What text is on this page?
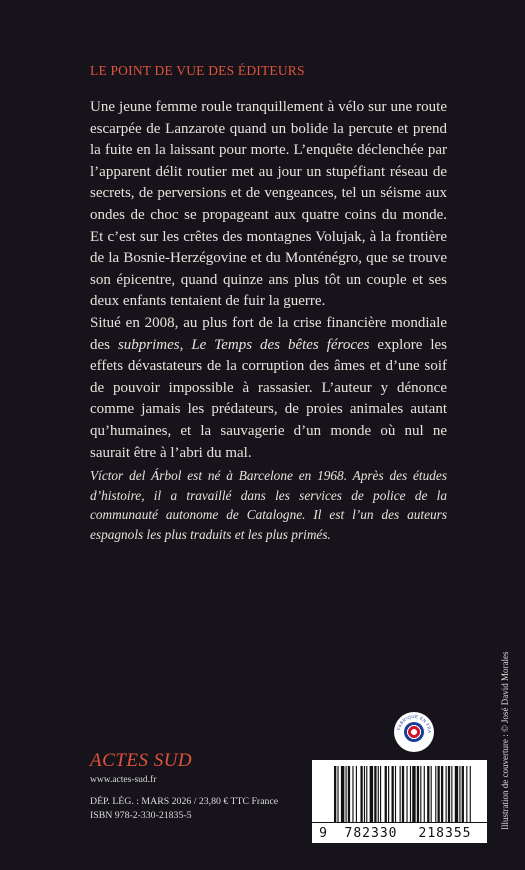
LE POINT DE VUE DES ÉDITEURS

Une jeune femme roule tranquillement à vélo sur une route escarpée de Lanzarote quand un bolide la percute et prend la fuite en la laissant pour morte. L’enquête déclenchée par l’apparent délit routier met au jour un stupéfiant réseau de secrets, de perversions et de vengeances, tel un séisme aux ondes de choc se propageant aux quatre coins du monde. Et c’est sur les crêtes des montagnes Volujak, à la frontière de la Bosnie-Herzégovine et du Monténégro, que se trouve son épicentre, quand quinze ans plus tôt un couple et ses deux enfants tentaient de fuir la guerre.

Situé en 2008, au plus fort de la crise financière mondiale des subprimes, Le Temps des bêtes féroces explore les effets dévastateurs de la corruption des âmes et d’une soif de pouvoir impossible à rassasier. L’auteur y dénonce comme jamais les prédateurs, de proies animales autant qu’humaines, et la sauvagerie d’un monde où nul ne saurait être à l’abri du mal.

Víctor del Árbol est né à Barcelone en 1968. Après des études d’histoire, il a travaillé dans les services de police de la communauté autonome de Catalogne. Il est l’un des auteurs espagnols les plus traduits et les plus primés.
ACTES SUD
www.actes-sud.fr
DÉP. LÉG. : MARS 2026 / 23,80 € TTC France
ISBN 978-2-330-21835-5
FABRIQUÉ EN FRA
9	782330	218355
Illustration de couverture : © José David Morales
